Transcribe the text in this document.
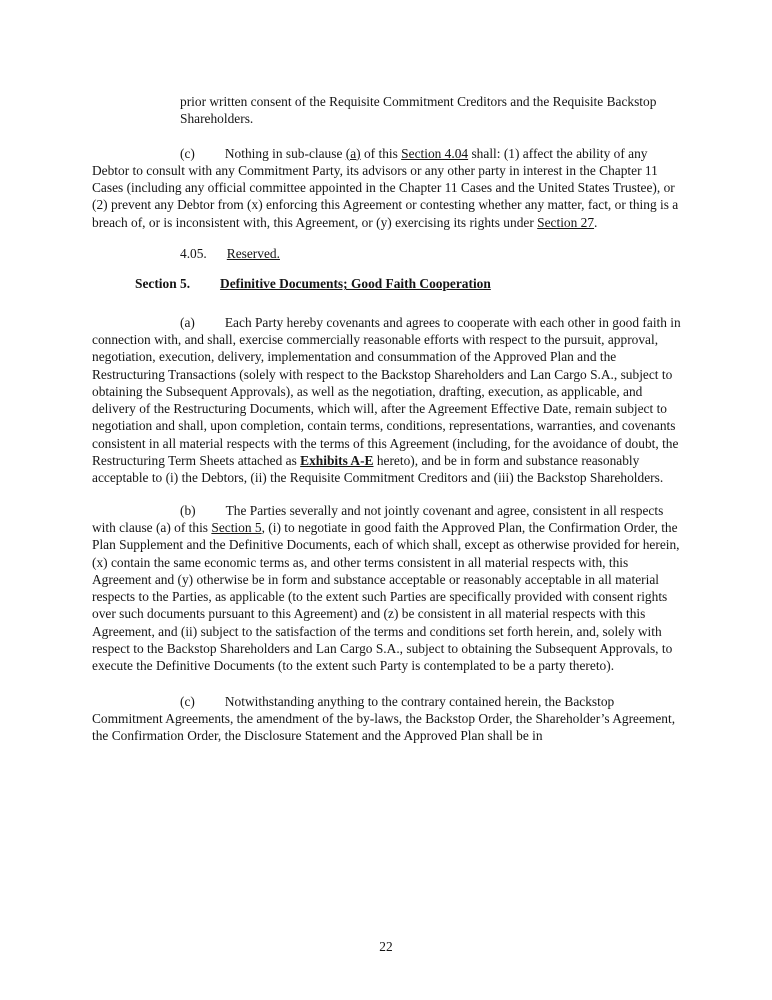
prior written consent of the Requisite Commitment Creditors and the Requisite Backstop Shareholders.
(c) Nothing in sub-clause (a) of this Section 4.04 shall: (1) affect the ability of any Debtor to consult with any Commitment Party, its advisors or any other party in interest in the Chapter 11 Cases (including any official committee appointed in the Chapter 11 Cases and the United States Trustee), or (2) prevent any Debtor from (x) enforcing this Agreement or contesting whether any matter, fact, or thing is a breach of, or is inconsistent with, this Agreement, or (y) exercising its rights under Section 27.
4.05. Reserved.
Section 5. Definitive Documents; Good Faith Cooperation
(a) Each Party hereby covenants and agrees to cooperate with each other in good faith in connection with, and shall, exercise commercially reasonable efforts with respect to the pursuit, approval, negotiation, execution, delivery, implementation and consummation of the Approved Plan and the Restructuring Transactions (solely with respect to the Backstop Shareholders and Lan Cargo S.A., subject to obtaining the Subsequent Approvals), as well as the negotiation, drafting, execution, as applicable, and delivery of the Restructuring Documents, which will, after the Agreement Effective Date, remain subject to negotiation and shall, upon completion, contain terms, conditions, representations, warranties, and covenants consistent in all material respects with the terms of this Agreement (including, for the avoidance of doubt, the Restructuring Term Sheets attached as Exhibits A-E hereto), and be in form and substance reasonably acceptable to (i) the Debtors, (ii) the Requisite Commitment Creditors and (iii) the Backstop Shareholders.
(b) The Parties severally and not jointly covenant and agree, consistent in all respects with clause (a) of this Section 5, (i) to negotiate in good faith the Approved Plan, the Confirmation Order, the Plan Supplement and the Definitive Documents, each of which shall, except as otherwise provided for herein, (x) contain the same economic terms as, and other terms consistent in all material respects with, this Agreement and (y) otherwise be in form and substance acceptable or reasonably acceptable in all material respects to the Parties, as applicable (to the extent such Parties are specifically provided with consent rights over such documents pursuant to this Agreement) and (z) be consistent in all material respects with this Agreement, and (ii) subject to the satisfaction of the terms and conditions set forth herein, and, solely with respect to the Backstop Shareholders and Lan Cargo S.A., subject to obtaining the Subsequent Approvals, to execute the Definitive Documents (to the extent such Party is contemplated to be a party thereto).
(c) Notwithstanding anything to the contrary contained herein, the Backstop Commitment Agreements, the amendment of the by-laws, the Backstop Order, the Shareholder’s Agreement, the Confirmation Order, the Disclosure Statement and the Approved Plan shall be in
22
